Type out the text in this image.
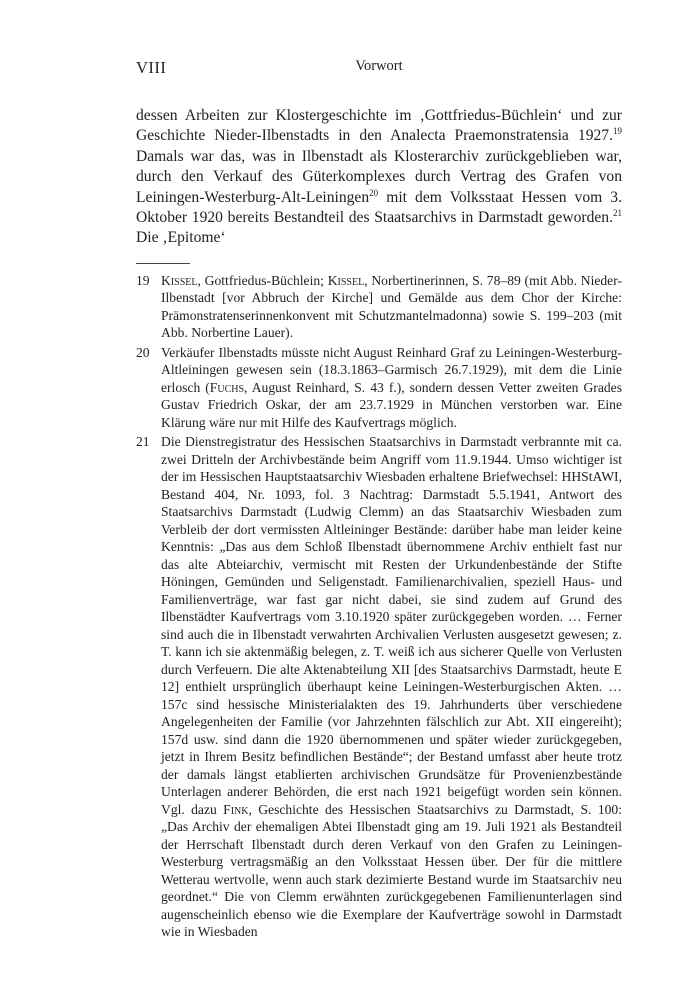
VIII	Vorwort

dessen Arbeiten zur Klostergeschichte im ‚Gottfriedus-Büchlein‘ und zur Geschichte Nieder-Ilbenstadts in den Analecta Praemonstratensia 1927.19 Damals war das, was in Ilbenstadt als Klosterarchiv zurückgeblieben war, durch den Verkauf des Güterkomplexes durch Vertrag des Grafen von Leiningen-Westerburg-Alt-Leiningen$^{20}$ mit dem Volksstaat Hessen vom 3. Oktober 1920 bereits Bestandteil des Staatsarchivs in Darmstadt geworden.$^{21}$ Die ‚Epitome‘

19 Kissel, Gottfriedus-Büchlein; Kissel, Norbertinerinnen, S. 78–89 (mit Abb. Nieder-Ilbenstadt [vor Abbruch der Kirche] und Gemälde aus dem Chor der Kirche: Prämonstratenserinnenkonvent mit Schutzmantelmadonna) sowie S. 199–203 (mit Abb. Norbertine Lauer).

20 Verkäufer Ilbenstadts müsste nicht August Reinhard Graf zu Leiningen-Westerburg-Altleiningen gewesen sein (18.3.1863–Garmisch 26.7.1929), mit dem die Linie erlosch (Fuchs, August Reinhard, S. 43 f.), sondern dessen Vetter zweiten Grades Gustav Friedrich Oskar, der am 23.7.1929 in München verstorben war. Eine Klärung wäre nur mit Hilfe des Kaufvertrags möglich.

21 Die Dienstregistratur des Hessischen Staatsarchivs in Darmstadt verbrannte mit ca. zwei Dritteln der Archivbestände beim Angriff vom 11.9.1944. Umso wichtiger ist der im Hessischen Hauptstaatsarchiv Wiesbaden erhaltene Briefwechsel: HHStAWI, Bestand 404, Nr. 1093, fol. 3 Nachtrag: Darmstadt 5.5.1941, Antwort des Staatsarchivs Darmstadt (Ludwig Clemm) an das Staatsarchiv Wiesbaden zum Verbleib der dort vermissten Altleininger Bestände: darüber habe man leider keine Kenntnis: „Das aus dem Schloß Ilbenstadt übernommene Archiv enthielt fast nur das alte Abteiarchiv, vermischt mit Resten der Urkundenbestände der Stifte Höningen, Gemünden und Seligenstadt. Familienarchivalien, speziell Haus- und Familienverträge, war fast gar nicht dabei, sie sind zudem auf Grund des Ilbenstädter Kaufvertrags vom 3.10.1920 später zurückgegeben worden. … Ferner sind auch die in Ilbenstadt verwahrten Archivalien Verlusten ausgesetzt gewesen; z. T. kann ich sie aktenmäßig belegen, z. T. weiß ich aus sicherer Quelle von Verlusten durch Verfeuern. Die alte Aktenabteilung XII [des Staatsarchivs Darmstadt, heute E 12] enthielt ursprünglich überhaupt keine Leiningen-Westerburgischen Akten. … 157c sind hessische Ministerialakten des 19. Jahrhunderts über verschiedene Angelegenheiten der Familie (vor Jahrzehnten fälschlich zur Abt. XII eingereiht); 157d usw. sind dann die 1920 übernommenen und später wieder zurückgegeben, jetzt in Ihrem Besitz befindlichen Bestände“; der Bestand umfasst aber heute trotz der damals längst etablierten archivischen Grundsätze für Provenienzbestände Unterlagen anderer Behörden, die erst nach 1921 beigefügt worden sein können. Vgl. dazu Fink, Geschichte des Hessischen Staatsarchivs zu Darmstadt, S. 100: „Das Archiv der ehemaligen Abtei Ilbenstadt ging am 19. Juli 1921 als Bestandteil der Herrschaft Ilbenstadt durch deren Verkauf von den Grafen zu Leiningen-Westerburg vertragsmäßig an den Volksstaat Hessen über. Der für die mittlere Wetterau wertvolle, wenn auch stark dezimierte Bestand wurde im Staatsarchiv neu geordnet.“ Die von Clemm erwähnten zurückgegebenen Familienunterlagen sind augenscheinlich ebenso wie die Exemplare der Kaufverträge sowohl in Darmstadt wie in Wiesbaden
